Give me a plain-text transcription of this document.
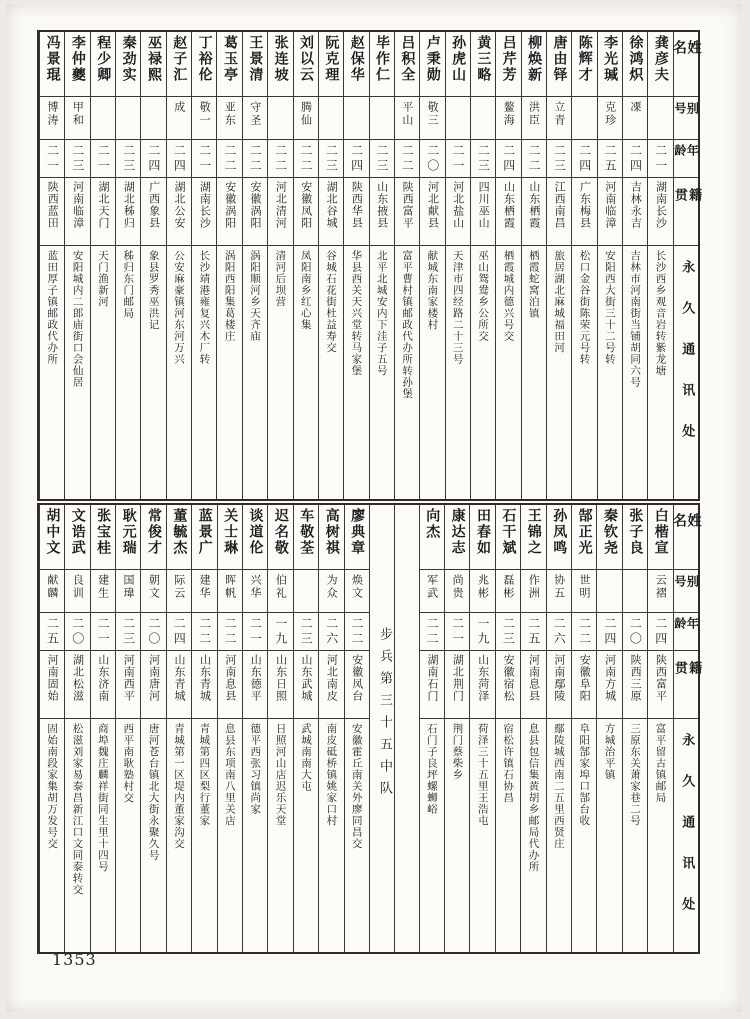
姓名
别号
年龄
籍贯
永久通讯处
龚彦夫
二一
湖南长沙
长沙西乡观音岩转紫龙塘
徐鸿炽
凓
二四
吉林永吉
吉林市河南街当铺胡同六号
李光瑊
克珍
二五
河南临漳
安阳西大街三十二号转
陈辉才
二四
广东梅县
松口金谷街陈荣元号转
唐由铎
立青
二三
江西南昌
旅居湖北麻城福田河
柳焕新
洪臣
二二
山东栖霞
栖霞蛇窝泊镇
吕芹芳
鳌海
二四
山东栖霞
栖霞城内德兴号交
黄三略
二三
四川巫山
巫山鸳鸯乡公所交
孙虎山
二一
河北盐山
天津市四经路二十三号
卢秉勋
敬三
二〇
河北献县
献城东南家楼村
吕积全
平山
二二
陕西富平
富平曹村镇邮政代办所转孙堡
毕作仁
二三
山东掖县
北平北城安内下洼子五号
赵保华
二四
陕西华县
华县西关天兴堂转马家堡
阮克理
二三
湖北谷城
谷城石花街杜益寿交
刘以云
腾仙
二二
安徽凤阳
凤阳南乡红心集
张连坡
二二
河北清河
清河后坝营
王景清
守圣
二二
安徽涡阳
涡阳顺河乡天齐庙
葛玉亭
亚东
二二
安徽涡阳
涡阳西阳集葛楼庄
丁裕伦
敬一
二一
湖南长沙
长沙靖港雍复兴木厂转
赵子汇
成
二四
湖北公安
公安麻豪镇河东河万兴
巫禄熙
二四
广西象县
象县罗秀巫洪记
秦劲实
二三
湖北秭归
秭归东门邮局
程少卿
二一
湖北天门
天门渔新河
李仲夔
甲和
二三
河南临漳
安阳城内二郎庙街口会仙居
冯景琨
博涛
二一
陕西蓝田
蓝田厚子镇邮政代办所
姓名
别号
年龄
籍贯
永久通讯处
白楷宣
云褶
二四
陕西富平
富平留古镇邮局
张子良
二〇
陕西三原
三原东关萧家巷二号
秦钦尧
二四
河南方城
方城治平镇
郜正光
世明
二二
安徽阜阳
阜阳郜家埠口郜台收
孙凤鸣
协五
二六
河南鄢陵
鄢陵城西南二五里西贤庄
王锦之
作洲
二五
河南息县
息县包信集黄胡乡邮局代办所
石干斌
磊彬
二三
安徽宿松
宿松许镇石协昌
田春如
兆彬
一九
山东菏泽
荷泽三十五里王浩屯
康达志
尚贵
二一
湖北荆门
荆门蔡柴乡
向杰
军武
二二
湖南石门
石门子良坪螺蛳峪
步兵第三十五中队
廖典章
焕文
二二
安徽凤台
安徽霍丘南关外廖同昌交
高树祺
为众
二六
河北南皮
南皮砥桥镇姚家口村
车敬荃
二三
山东武城
武城南南大屯
迟名敬
伯礼
一九
山东日照
日照河山店迟乐天堂
谈道伦
兴华
二一
山东德平
德平西张习镇尚家
关士琳
晖帆
二二
河南息县
息县东项南八里关店
蓝景广
建华
二二
山东青城
青城第四区梨行董家
董毓杰
际云
二四
山东青城
青城第一区堤内董家沟交
常俊才
朝文
二〇
河南唐河
唐河苍台镇北大街永聚久号
耿元瑞
国瑋
二三
河南西平
西平南耿塾村交
张宝桂
建生
二一
山东济南
商埠魏庄麟祥街同生里十四号
文诰武
良训
二〇
湖北松滋
松滋刘家易泰昌新江口文同泰转交
胡中文
献麟
二五
河南固始
固始南段家集胡万发号交
1353
